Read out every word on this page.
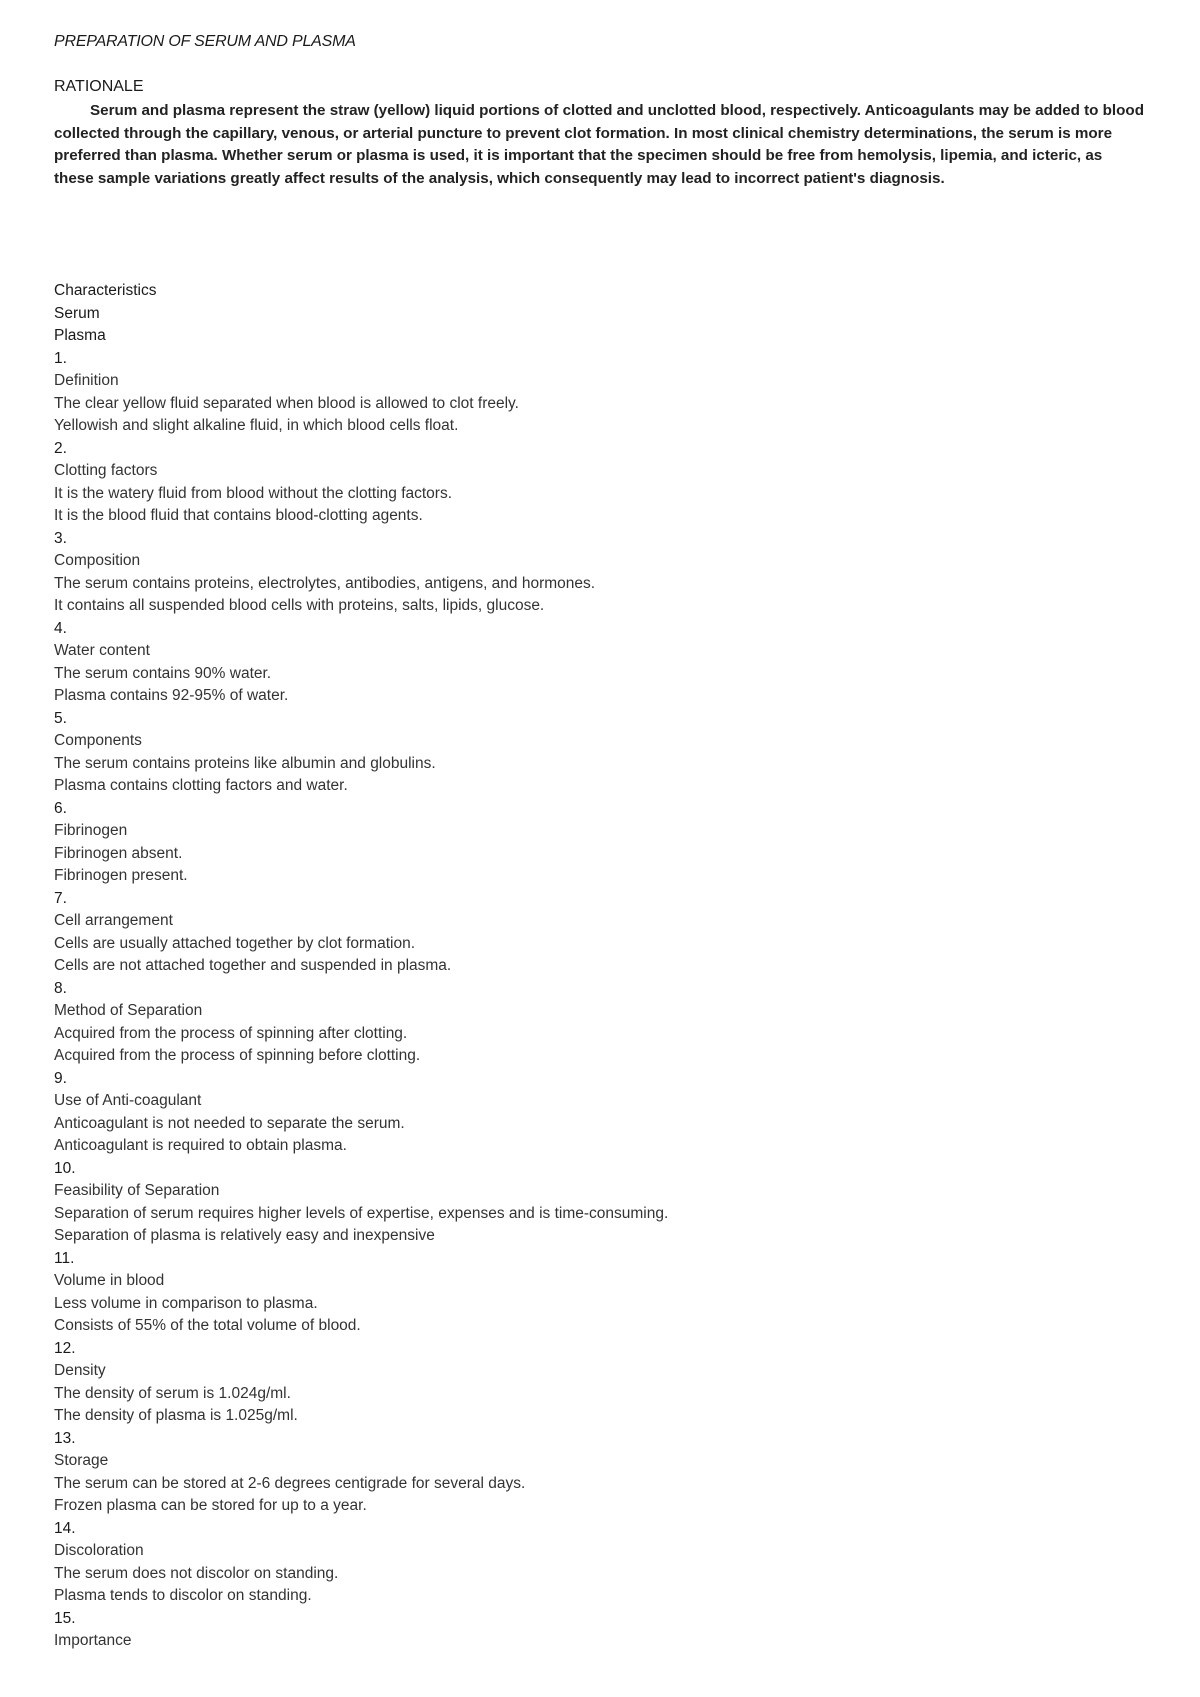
PREPARATION OF SERUM AND PLASMA
RATIONALE

Serum and plasma represent the straw (yellow) liquid portions of clotted and unclotted blood, respectively. Anticoagulants may be added to blood collected through the capillary, venous, or arterial puncture to prevent clot formation. In most clinical chemistry determinations, the serum is more preferred than plasma. Whether serum or plasma is used, it is important that the specimen should be free from hemolysis, lipemia, and icteric, as these sample variations greatly affect results of the analysis, which consequently may lead to incorrect patient's diagnosis.

Characteristics
Serum
Plasma
1.
Definition
The clear yellow fluid separated when blood is allowed to clot freely.
Yellowish and slight alkaline fluid, in which blood cells float.
2.
Clotting factors
It is the watery fluid from blood without the clotting factors.
It is the blood fluid that contains blood-clotting agents.
3.
Composition
The serum contains proteins, electrolytes, antibodies, antigens, and hormones.
It contains all suspended blood cells with proteins, salts, lipids, glucose.
4.
Water content
The serum contains 90% water.
Plasma contains 92-95% of water.
5.
Components
The serum contains proteins like albumin and globulins.
Plasma contains clotting factors and water.
6.
Fibrinogen
Fibrinogen absent.
Fibrinogen present.
7.
Cell arrangement
Cells are usually attached together by clot formation.
Cells are not attached together and suspended in plasma.
8.
Method of Separation
Acquired from the process of spinning after clotting.
Acquired from the process of spinning before clotting.
9.
Use of Anti-coagulant
Anticoagulant is not needed to separate the serum.
Anticoagulant is required to obtain plasma.
10.
Feasibility of Separation
Separation of serum requires higher levels of expertise, expenses and is time-consuming.
Separation of plasma is relatively easy and inexpensive
11.
Volume in blood
Less volume in comparison to plasma.
Consists of 55% of the total volume of blood.
12.
Density
The density of serum is 1.024g/ml.
The density of plasma is 1.025g/ml.
13.
Storage
The serum can be stored at 2-6 degrees centigrade for several days.
Frozen plasma can be stored for up to a year.
14.
Discoloration
The serum does not discolor on standing.
Plasma tends to discolor on standing.
15.
Importance
